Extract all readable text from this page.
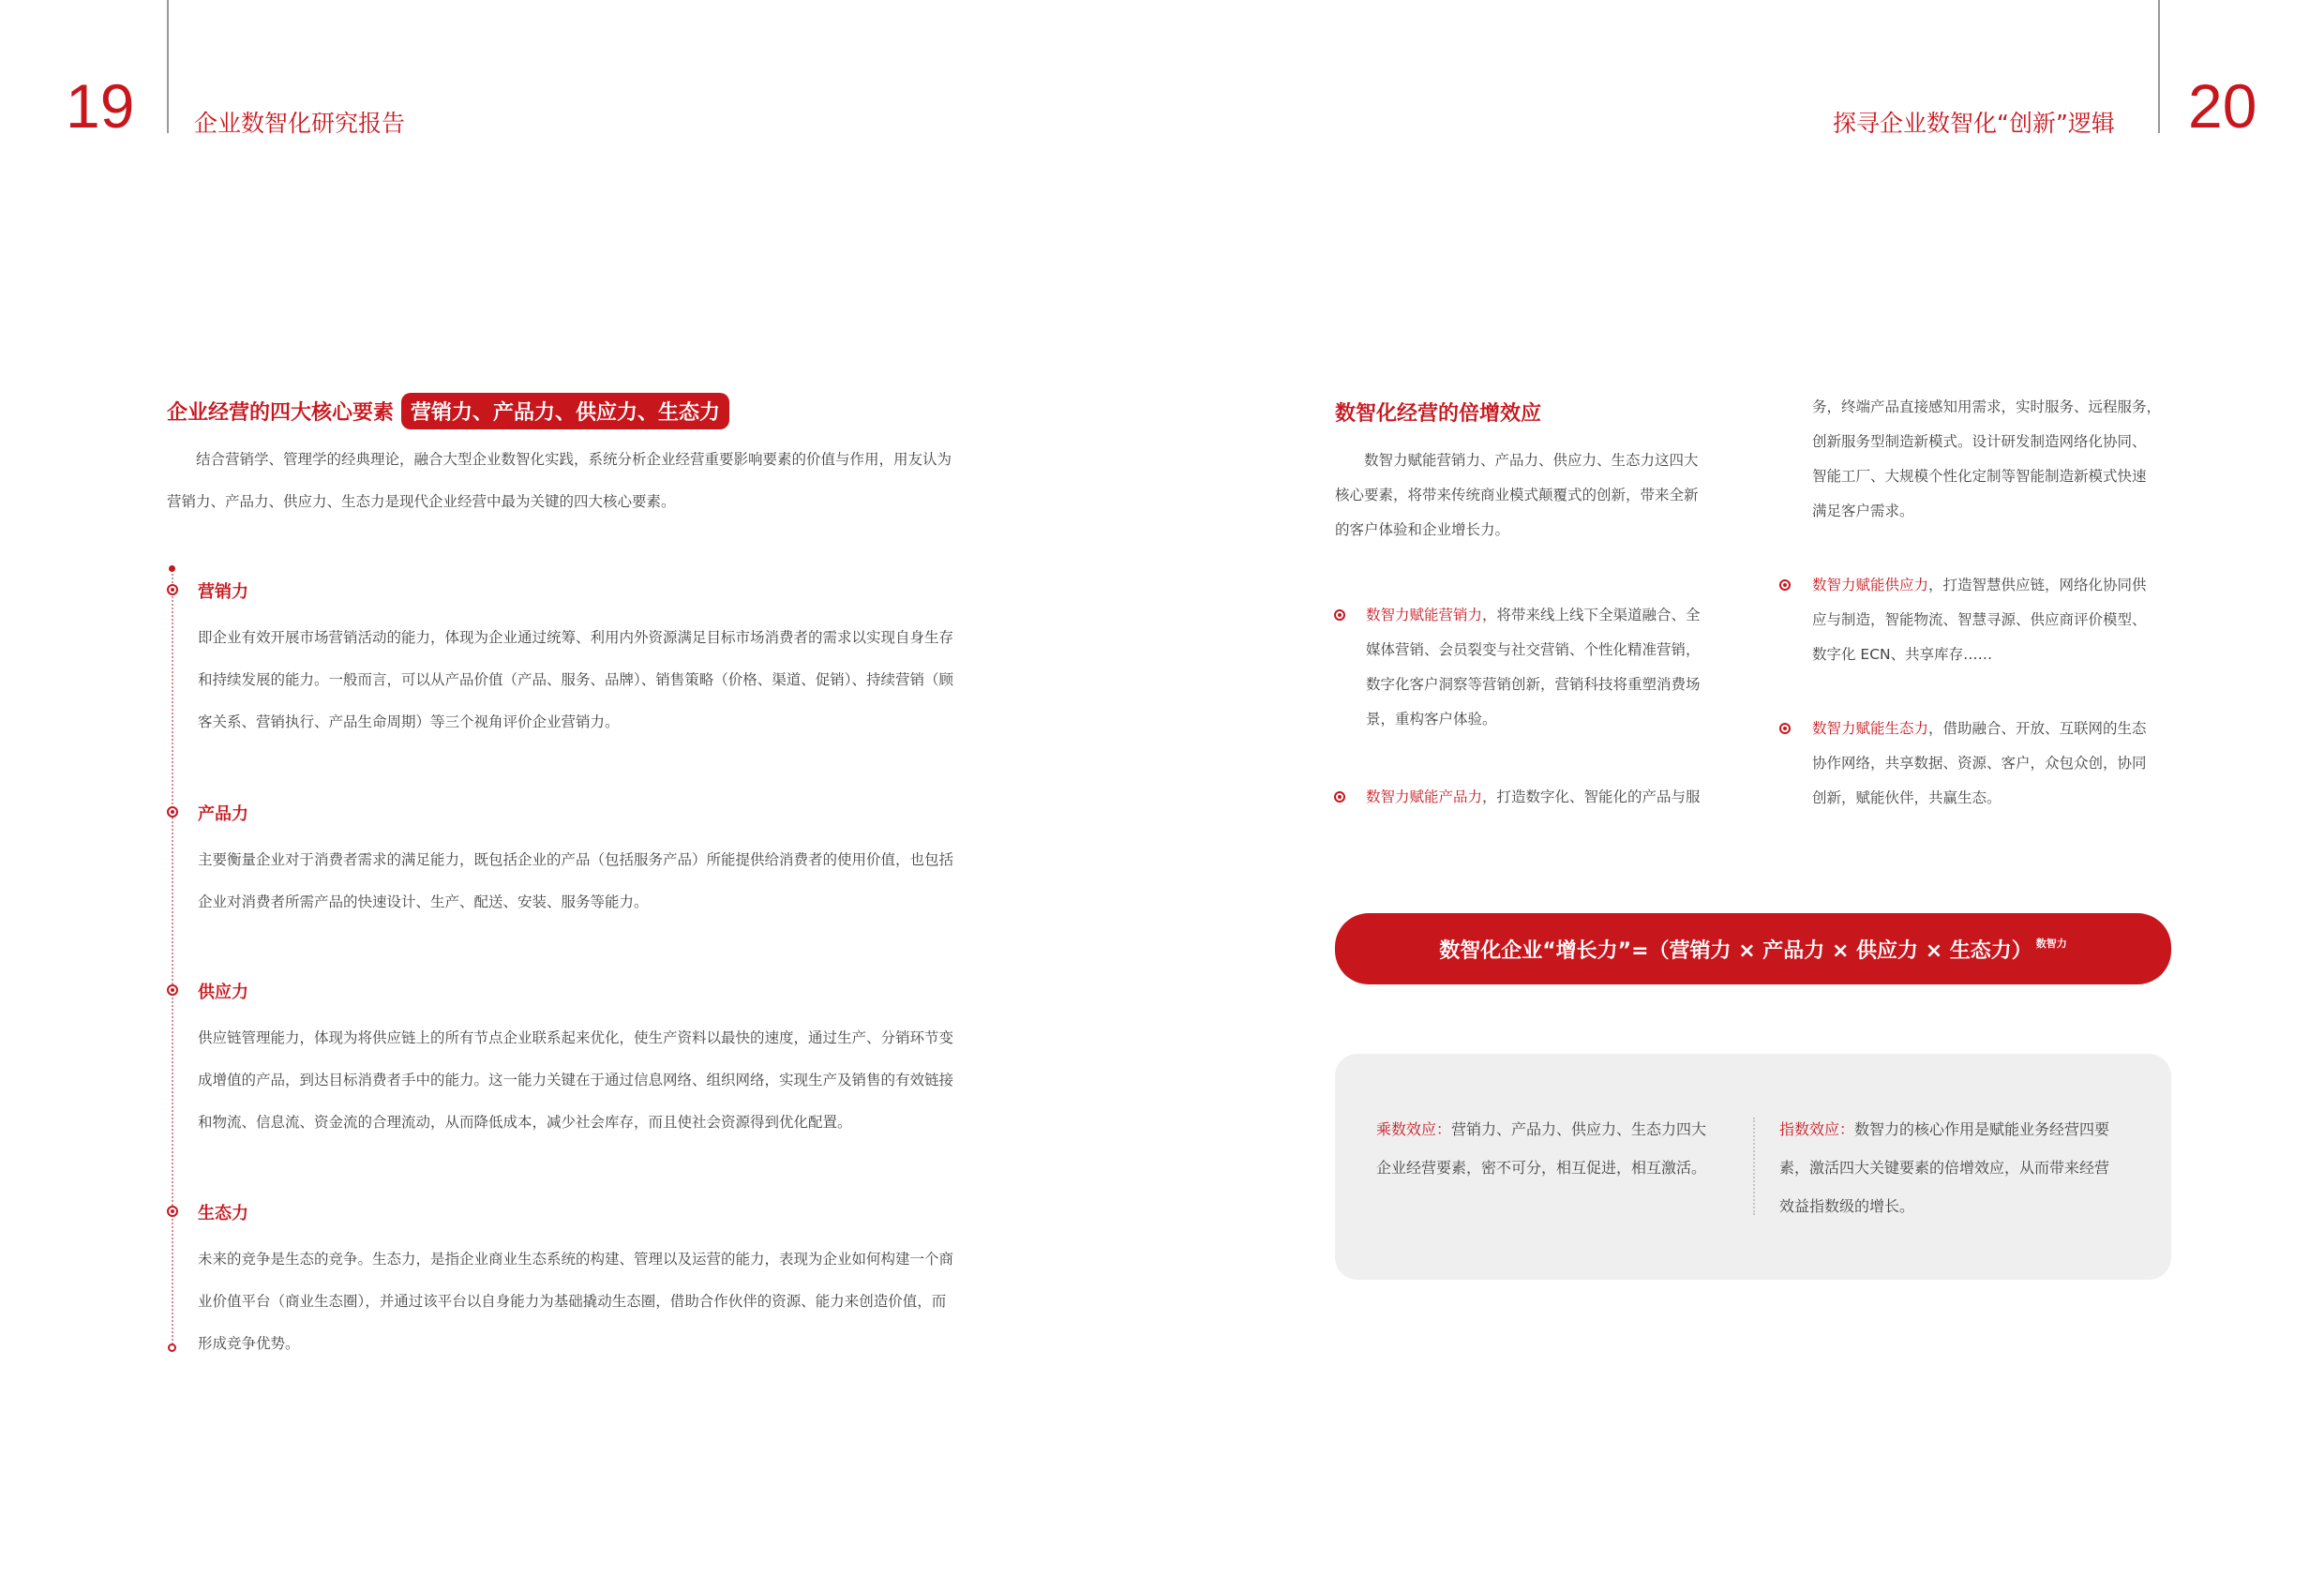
19	企业数智化研究报告	探寻企业数智化“创新”逻辑 20
企业经营的四大核心要素 营销力、产品力、供应力、生态力
结合营销学、管理学的经典理论，融合大型企业数智化实践，系统分析企业经营重要影响要素的价值与作用，用友认为
营销力、产品力、供应力、生态力是现代企业经营中最为关键的四大核心要素。
营销力
即企业有效开展市场营销活动的能力，体现为企业通过统筹、利用内外资源满足目标市场消费者的需求以实现自身生存
和持续发展的能力。一般而言，可以从产品价值（产品、服务、品牌）、销售策略（价格、渠道、促销）、持续营销（顾
客关系、营销执行、产品生命周期）等三个视角评价企业营销力。
产品力
主要衡量企业对于消费者需求的满足能力，既包括企业的产品（包括服务产品）所能提供给消费者的使用价值，也包括
企业对消费者所需产品的快速设计、生产、配送、安装、服务等能力。
供应力
供应链管理能力，体现为将供应链上的所有节点企业联系起来优化，使生产资料以最快的速度，通过生产、分销环节变
成增值的产品，到达目标消费者手中的能力。这一能力关键在于通过信息网络、组织网络，实现生产及销售的有效链接
和物流、信息流、资金流的合理流动，从而降低成本，减少社会库存，而且使社会资源得到优化配置。
生态力
未来的竞争是生态的竞争。生态力，是指企业商业生态系统的构建、管理以及运营的能力，表现为企业如何构建一个商
业价值平台（商业生态圈），并通过该平台以自身能力为基础撬动生态圈，借助合作伙伴的资源、能力来创造价值，而
形成竞争优势。
数智化经营的倍增效应
数智力赋能营销力、产品力、供应力、生态力这四大
核心要素，将带来传统商业模式颠覆式的创新，带来全新
的客户体验和企业增长力。
数智力赋能营销力，将带来线上线下全渠道融合、全
媒体营销、会员裂变与社交营销、个性化精准营销，
数字化客户洞察等营销创新，营销科技将重塑消费场
景，重构客户体验。
数智力赋能产品力，打造数字化、智能化的产品与服
务，终端产品直接感知用需求，实时服务、远程服务，
创新服务型制造新模式。设计研发制造网络化协同、
智能工厂、大规模个性化定制等智能制造新模式快速
满足客户需求。
数智力赋能供应力，打造智慧供应链，网络化协同供
应与制造，智能物流、智慧寻源、供应商评价模型、
数字化 ECN、共享库存……
数智力赋能生态力，借助融合、开放、互联网的生态
协作网络，共享数据、资源、客户，众包众创，协同
创新，赋能伙伴，共赢生态。
数智化企业“增长力”=（营销力 × 产品力 × 供应力 × 生态力） $^{数智力}$
乘数效应：营销力、产品力、供应力、生态力四大
企业经营要素，密不可分，相互促进，相互激活。
指数效应：数智力的核心作用是赋能业务经营四要
素，激活四大关键要素的倍增效应，从而带来经营
效益指数级的增长。
